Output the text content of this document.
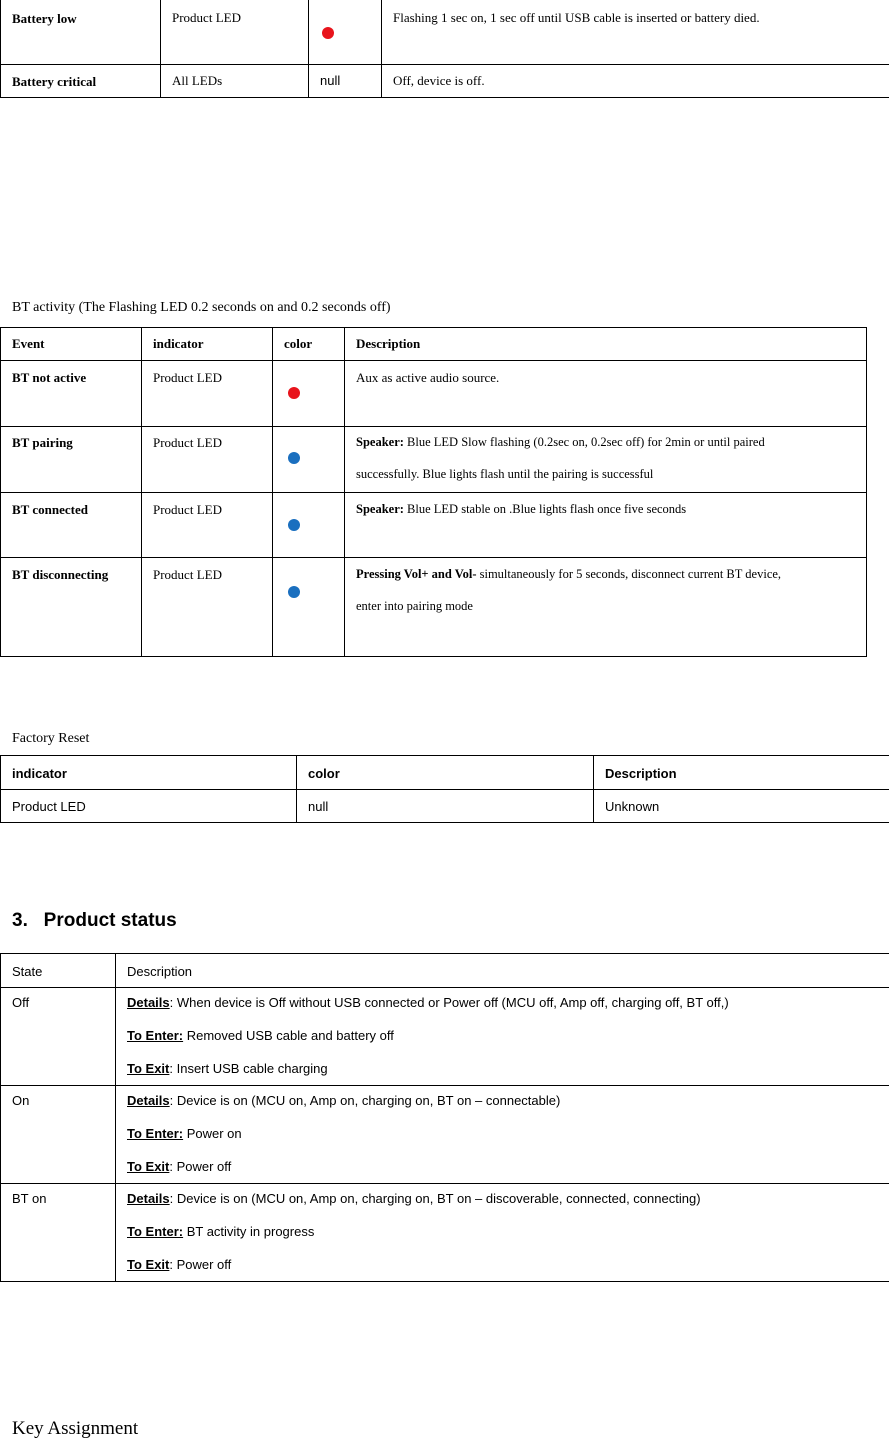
Battery low	Product LED		Flashing 1 sec on, 1 sec off until USB cable is inserted or battery died.

Battery critical	All LEDs	null	Off, device is off.
BT activity (The Flashing LED 0.2 seconds on and 0.2 seconds off)
Event	indicator	color	Description

BT not active	Product LED		Aux as active audio source.

BT pairing	Product LED		Speaker: Blue LED Slow flashing (0.2sec on, 0.2sec off) for 2min or until paired
successfully. Blue lights flash until the pairing is successful

BT connected	Product LED		Speaker: Blue LED stable on .Blue lights flash once five seconds

BT disconnecting	Product LED		Pressing Vol+ and Vol- simultaneously for 5 seconds, disconnect current BT device,
enter into pairing mode
Factory Reset
indicator	color	Description

Product LED	null	Unknown
3.   Product status
State	Description

Off	Details: When device is Off without USB connected or Power off (MCU off, Amp off, charging off, BT off,)
To Enter: Removed USB cable and battery off
To Exit: Insert USB cable charging

On	Details: Device is on (MCU on, Amp on, charging on, BT on – connectable)
To Enter: Power on
To Exit: Power off

BT on	Details: Device is on (MCU on, Amp on, charging on, BT on – discoverable, connected, connecting)
To Enter: BT activity in progress
To Exit: Power off
Key Assignment
